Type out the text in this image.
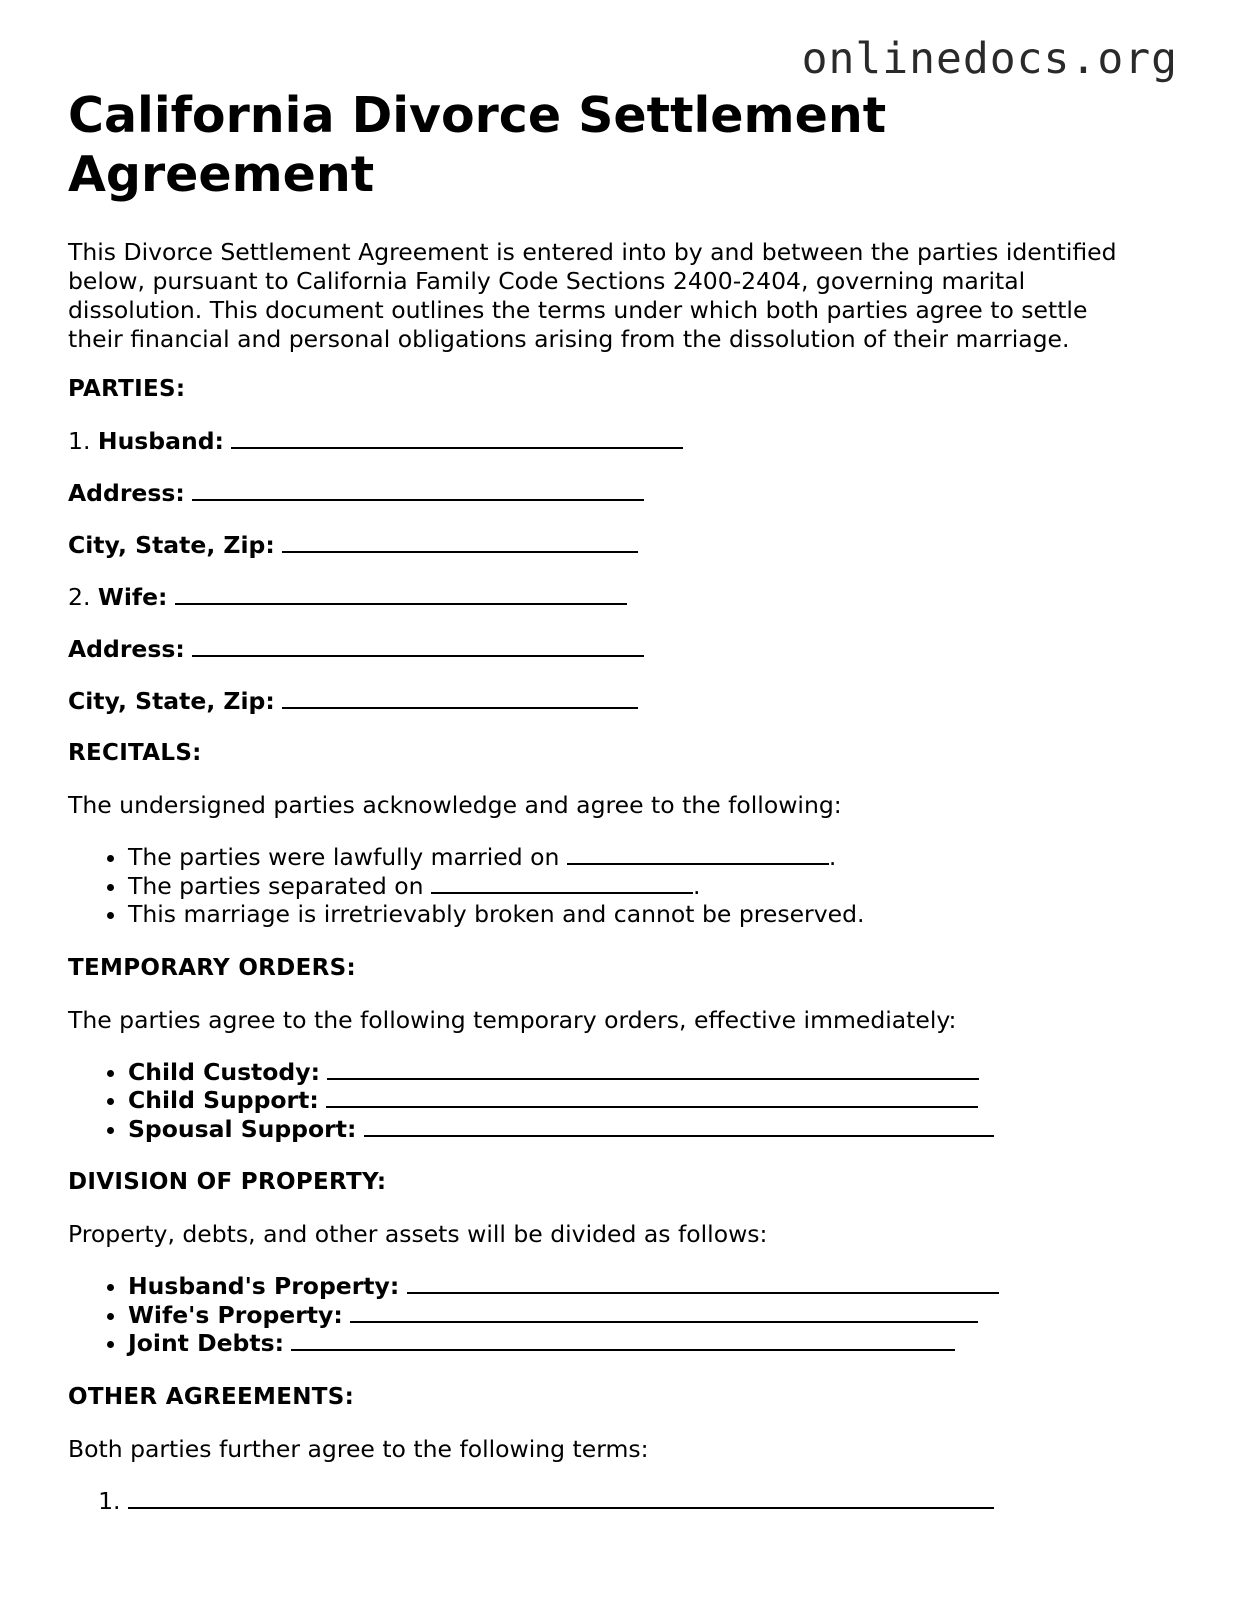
onlinedocs.org
California Divorce Settlement Agreement

This Divorce Settlement Agreement is entered into by and between the parties identified below, pursuant to California Family Code Sections 2400-2404, governing marital dissolution. This document outlines the terms under which both parties agree to settle their financial and personal obligations arising from the dissolution of their marriage.

PARTIES:
1. Husband:
Address:
City, State, Zip:
2. Wife:
Address:
City, State, Zip:
RECITALS:

The undersigned parties acknowledge and agree to the following:

• The parties were lawfully married on	.
• The parties separated on	.
• This marriage is irretrievably broken and cannot be preserved.
TEMPORARY ORDERS:

The parties agree to the following temporary orders, effective immediately:

• Child Custody:
• Child Support:
• Spousal Support:
DIVISION OF PROPERTY:

Property, debts, and other assets will be divided as follows:

• Husband's Property:
• Wife's Property:
• Joint Debts:
OTHER AGREEMENTS:

Both parties further agree to the following terms:

1.
